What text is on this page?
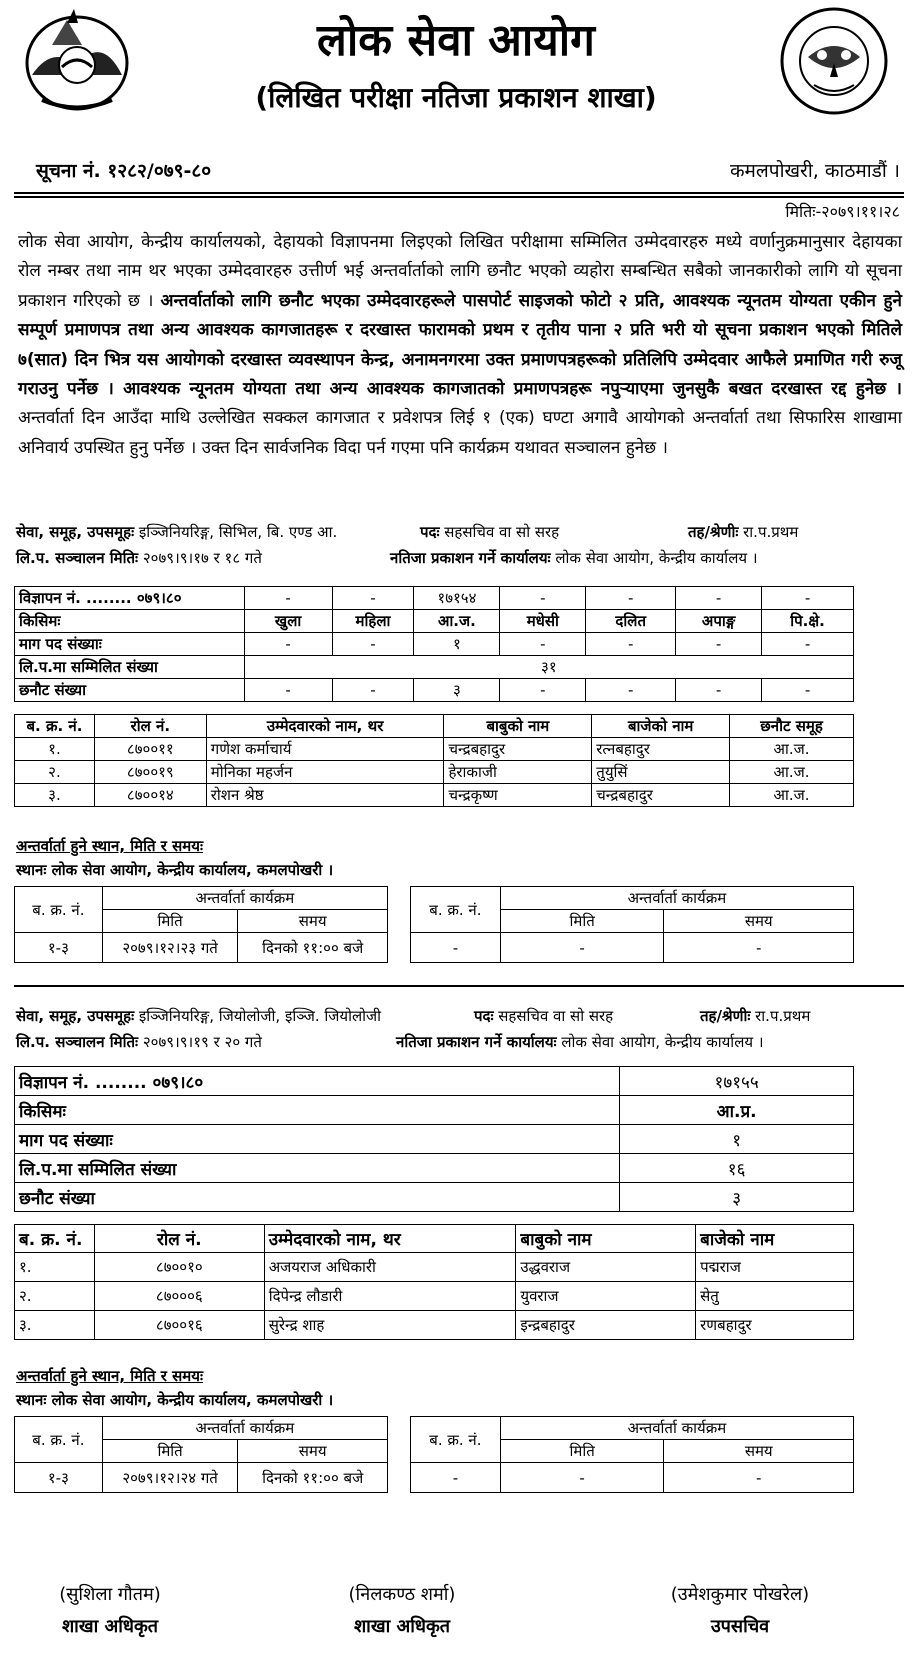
लोक सेवा आयोग
(लिखित परीक्षा नतिजा प्रकाशन शाखा)
सूचना नं. १२८२/०७९-८०	कमलपोखरी, काठमाडौं ।
मितिः-२०७९।११।२८
लोक सेवा आयोग, केन्द्रीय कार्यालयको, देहायको विज्ञापनमा लिइएको लिखित परीक्षामा सम्मिलित उम्मेदवारहरु मध्ये वर्णानुक्रमानुसार देहायका रोल नम्बर तथा नाम थर भएका उम्मेदवारहरु उत्तीर्ण भई अन्तर्वार्ताको लागि छनौट भएको व्यहोरा सम्बन्धित सबैको जानकारीको लागि यो सूचना प्रकाशन गरिएको छ । अन्तर्वार्ताको लागि छनौट भएका उम्मेदवारहरूले पासपोर्ट साइजको फोटो २ प्रति, आवश्यक न्यूनतम योग्यता एकीन हुने सम्पूर्ण प्रमाणपत्र तथा अन्य आवश्यक कागजातहरू र दरखास्त फारामको प्रथम र तृतीय पाना २ प्रति भरी यो सूचना प्रकाशन भएको मितिले ७(सात) दिन भित्र यस आयोगको दरखास्त व्यवस्थापन केन्द्र, अनामनगरमा उक्त प्रमाणपत्रहरूको प्रतिलिपि उम्मेदवार आफैले प्रमाणित गरी रुजू गराउनु पर्नेछ । आवश्यक न्यूनतम योग्यता तथा अन्य आवश्यक कागजातको प्रमाणपत्रहरू नपुऱ्याएमा जुनसुकै बखत दरखास्त रद्द हुनेछ । अन्तर्वार्ता दिन आउँदा माथि उल्लेखित सक्कल कागजात र प्रवेशपत्र लिई १ (एक) घण्टा अगावै आयोगको अन्तर्वार्ता तथा सिफारिस शाखामा अनिवार्य उपस्थित हुनु पर्नेछ । उक्त दिन सार्वजनिक विदा पर्न गएमा पनि कार्यक्रम यथावत सञ्चालन हुनेछ ।
सेवा, समूह, उपसमूहः इञ्जिनियरिङ्ग, सिभिल, बि. एण्ड आ.	पदः सहसचिव वा सो सरह	तह/श्रेणीः रा.प.प्रथम
लि.प. सञ्चालन मितिः २०७९।९।१७ र १८ गते	नतिजा प्रकाशन गर्ने कार्यालयः लोक सेवा आयोग, केन्द्रीय कार्यालय ।
विज्ञापन नं. ........ ०७९।८०	-	-	१७१५४	-	-	-	-
किसिमः	खुला	महिला	आ.ज.	मधेसी	दलित	अपाङ्ग	पि.क्षे.
माग पद संख्याः	-	-	१	-	-	-	-
लि.प.मा सम्मिलित संख्या	३१						
छनौट संख्या	-	-	३	-	-	-	-
ब. क्र. नं.	रोल नं.	उम्मेदवारको नाम, थर	बाबुको नाम	बाजेको नाम	छनौट समूह
१.	८७००११	गणेश कर्माचार्य	चन्द्रबहादुर	रत्नबहादुर	आ.ज.
२.	८७००१९	मोनिका महर्जन	हेराकाजी	तुयुसिं	आ.ज.
३.	८७००१४	रोशन श्रेष्ठ	चन्द्रकृष्ण	चन्द्रबहादुर	आ.ज.
अन्तर्वार्ता हुने स्थान, मिति र समयः
स्थानः लोक सेवा आयोग, केन्द्रीय कार्यालय, कमलपोखरी ।
ब. क्र. नं.	अन्तर्वार्ता कार्यक्रम	
	मिति	समय
१-३	२०७९।१२।२३ गते	दिनको ११:०० बजे
ब. क्र. नं.	अन्तर्वार्ता कार्यक्रम	
	मिति	समय
-	-	-
सेवा, समूह, उपसमूहः इञ्जिनियरिङ्ग, जियोलोजी, इञ्जि. जियोलोजी	पदः सहसचिव वा सो सरह	तह/श्रेणीः रा.प.प्रथम
लि.प. सञ्चालन मितिः २०७९।९।१९ र २० गते	नतिजा प्रकाशन गर्ने कार्यालयः लोक सेवा आयोग, केन्द्रीय कार्यालय ।
विज्ञापन नं. ........ ०७९।८०	१७१५५
किसिमः	आ.प्र.
माग पद संख्याः	१
लि.प.मा सम्मिलित संख्या	१६
छनौट संख्या	३
ब. क्र. नं.	रोल नं.	उम्मेदवारको नाम, थर	बाबुको नाम	बाजेको नाम
१.	८७००१०	अजयराज अधिकारी	उद्धवराज	पद्मराज
२.	८७०००६	दिपेन्द्र लौडारी	युवराज	सेतु
३.	८७००१६	सुरेन्द्र शाह	इन्द्रबहादुर	रणबहादुर
अन्तर्वार्ता हुने स्थान, मिति र समयः
स्थानः लोक सेवा आयोग, केन्द्रीय कार्यालय, कमलपोखरी ।
ब. क्र. नं.	अन्तर्वार्ता कार्यक्रम	
	मिति	समय
१-३	२०७९।१२।२४ गते	दिनको ११:०० बजे
ब. क्र. नं.	अन्तर्वार्ता कार्यक्रम	
	मिति	समय
-	-	-
(सुशिला गौतम)
शाखा अधिकृत
(निलकण्ठ शर्मा)
शाखा अधिकृत
(उमेशकुमार पोखरेल)
उपसचिव
